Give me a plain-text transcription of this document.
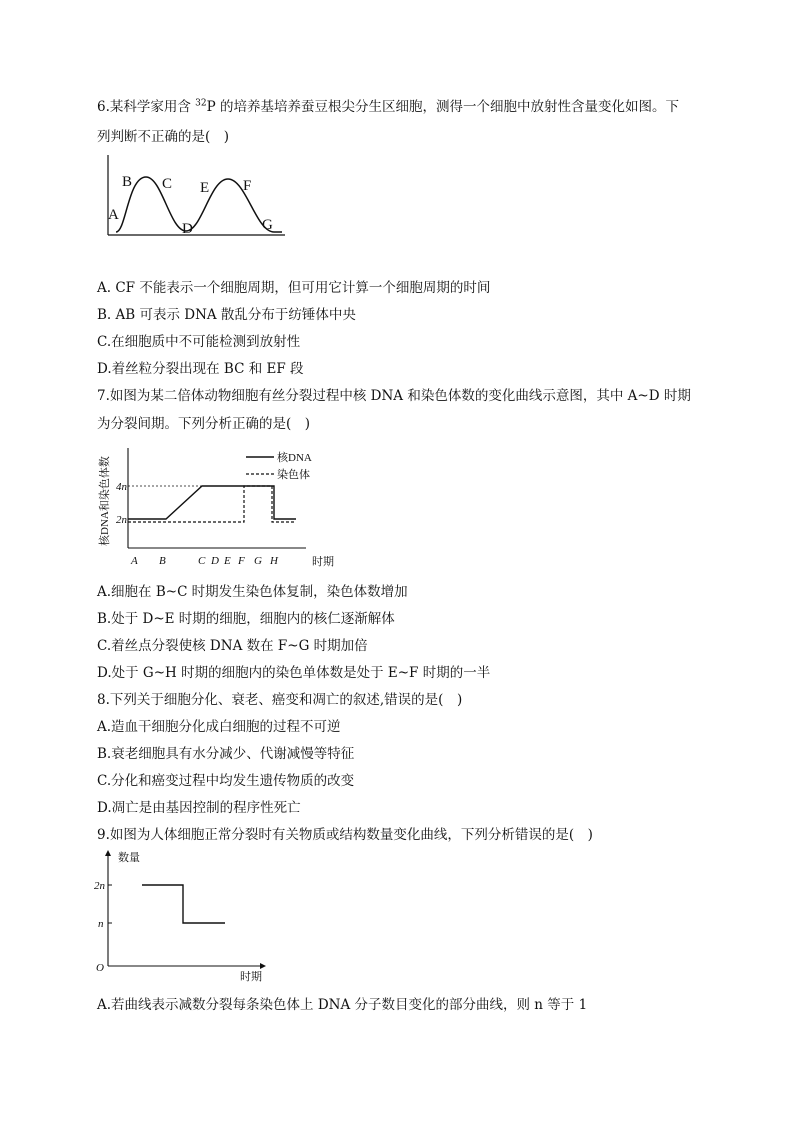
6.某科学家用含 $^{32}$P 的培养基培养蚕豆根尖分生区细胞，测得一个细胞中放射性含量变化如图。下
列判断不正确的是(　)
A
B C
D
E F
G
A. CF 不能表示一个细胞周期，但可用它计算一个细胞周期的时间
B. AB 可表示 DNA 散乱分布于纺锤体中央
C.在细胞质中不可能检测到放射性
D.着丝粒分裂出现在 BC 和 EF 段
7.如图为某二倍体动物细胞有丝分裂过程中核 DNA 和染色体数的变化曲线示意图，其中 A~D 时期
为分裂间期。下列分析正确的是(　)
核DNA和染色体数 4n
2n
核DNA
染色体
A B	C D E F G H	时期
A.细胞在 B~C 时期发生染色体复制，染色体数增加
B.处于 D~E 时期的细胞，细胞内的核仁逐渐解体
C.着丝点分裂使核 DNA 数在 F~G 时期加倍
D.处于 G~H 时期的细胞内的染色单体数是处于 E~F 时期的一半
8.下列关于细胞分化、衰老、癌变和凋亡的叙述,错误的是(　)
A.造血干细胞分化成白细胞的过程不可逆
B.衰老细胞具有水分减少、代谢减慢等特征
C.分化和癌变过程中均发生遗传物质的改变
D.凋亡是由基因控制的程序性死亡
9.如图为人体细胞正常分裂时有关物质或结构数量变化曲线，下列分析错误的是(　)
数量
2n
n
O
时期
A.若曲线表示减数分裂每条染色体上 DNA 分子数目变化的部分曲线，则 n 等于 1
